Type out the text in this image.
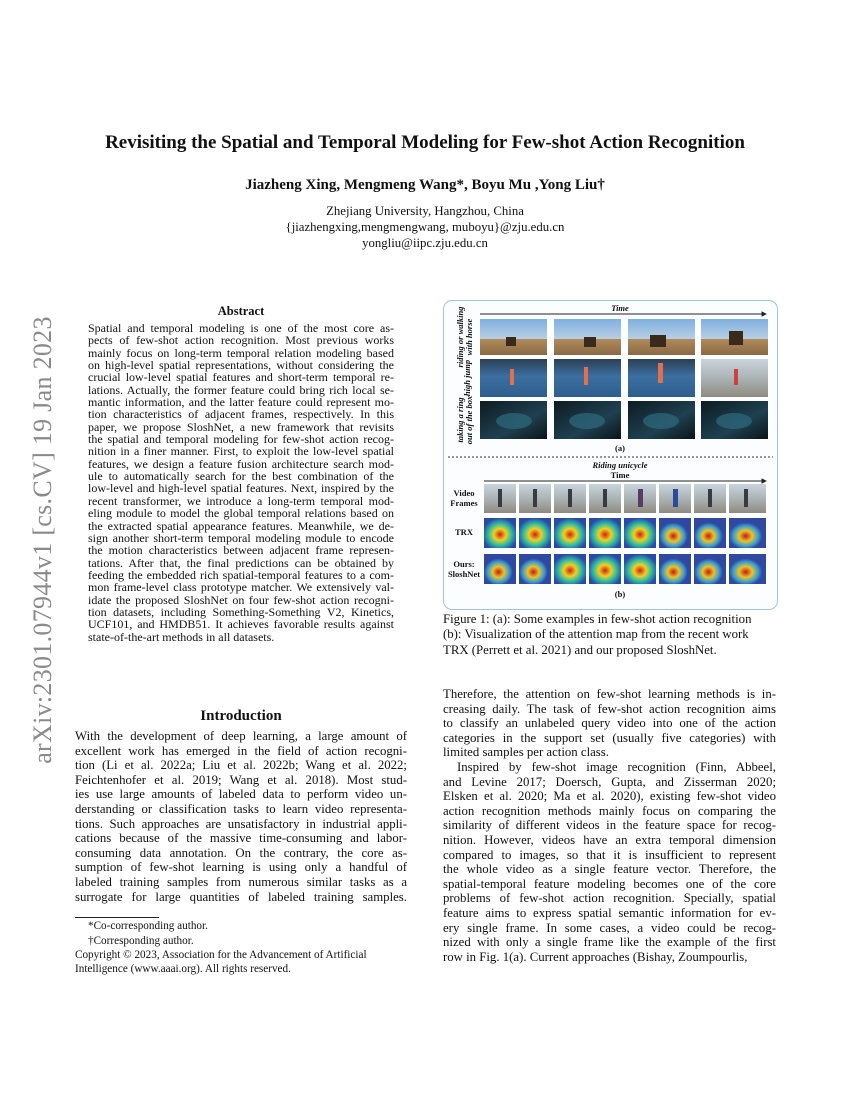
arXiv:2301.07944v1 [cs.CV] 19 Jan 2023
Revisiting the Spatial and Temporal Modeling for Few-shot Action Recognition
Jiazheng Xing, Mengmeng Wang*, Boyu Mu ,Yong Liu†
Zhejiang University, Hangzhou, China
{jiazhengxing,mengmengwang, muboyu}@zju.edu.cn
yongliu@iipc.zju.edu.cn
Abstract
Spatial and temporal modeling is one of the most core as-
pects of few-shot action recognition. Most previous works
mainly focus on long-term temporal relation modeling based
on high-level spatial representations, without considering the
crucial low-level spatial features and short-term temporal re-
lations. Actually, the former feature could bring rich local se-
mantic information, and the latter feature could represent mo-
tion characteristics of adjacent frames, respectively. In this
paper, we propose SloshNet, a new framework that revisits
the spatial and temporal modeling for few-shot action recog-
nition in a finer manner. First, to exploit the low-level spatial
features, we design a feature fusion architecture search mod-
ule to automatically search for the best combination of the
low-level and high-level spatial features. Next, inspired by the
recent transformer, we introduce a long-term temporal mod-
eling module to model the global temporal relations based on
the extracted spatial appearance features. Meanwhile, we de-
sign another short-term temporal modeling module to encode
the motion characteristics between adjacent frame represen-
tations. After that, the final predictions can be obtained by
feeding the embedded rich spatial-temporal features to a com-
mon frame-level class prototype matcher. We extensively val-
idate the proposed SloshNet on four few-shot action recogni-
tion datasets, including Something-Something V2, Kinetics,
UCF101, and HMDB51. It achieves favorable results against
state-of-the-art methods in all datasets.
Introduction
With the development of deep learning, a large amount of
excellent work has emerged in the field of action recogni-
tion (Li et al. 2022a; Liu et al. 2022b; Wang et al. 2022;
Feichtenhofer et al. 2019; Wang et al. 2018). Most stud-
ies use large amounts of labeled data to perform video un-
derstanding or classification tasks to learn video representa-
tions. Such approaches are unsatisfactory in industrial appli-
cations because of the massive time-consuming and labor-
consuming data annotation. On the contrary, the core as-
sumption of few-shot learning is using only a handful of
labeled training samples from numerous similar tasks as a
surrogate for large quantities of labeled training samples.
*Co-corresponding author.
†Corresponding author.
Copyright © 2023, Association for the Advancement of Artificial
Intelligence (www.aaai.org). All rights reserved.
Time
riding or walking with horse
high jump
taking a ring out of the box
(a)
Riding unicycle
Time
Video
Frames
TRX
Ours:
SloshNet
(b)
Figure 1: (a): Some examples in few-shot action recognition
(b): Visualization of the attention map from the recent work
TRX (Perrett et al. 2021) and our proposed SloshNet.
Therefore, the attention on few-shot learning methods is in-
creasing daily. The task of few-shot action recognition aims
to classify an unlabeled query video into one of the action
categories in the support set (usually five categories) with
limited samples per action class.
Inspired by few-shot image recognition (Finn, Abbeel,
and Levine 2017; Doersch, Gupta, and Zisserman 2020;
Elsken et al. 2020; Ma et al. 2020), existing few-shot video
action recognition methods mainly focus on comparing the
similarity of different videos in the feature space for recog-
nition. However, videos have an extra temporal dimension
compared to images, so that it is insufficient to represent
the whole video as a single feature vector. Therefore, the
spatial-temporal feature modeling becomes one of the core
problems of few-shot action recognition. Specially, spatial
feature aims to express spatial semantic information for ev-
ery single frame. In some cases, a video could be recog-
nized with only a single frame like the example of the first
row in Fig. 1(a). Current approaches (Bishay, Zoumpourlis,
